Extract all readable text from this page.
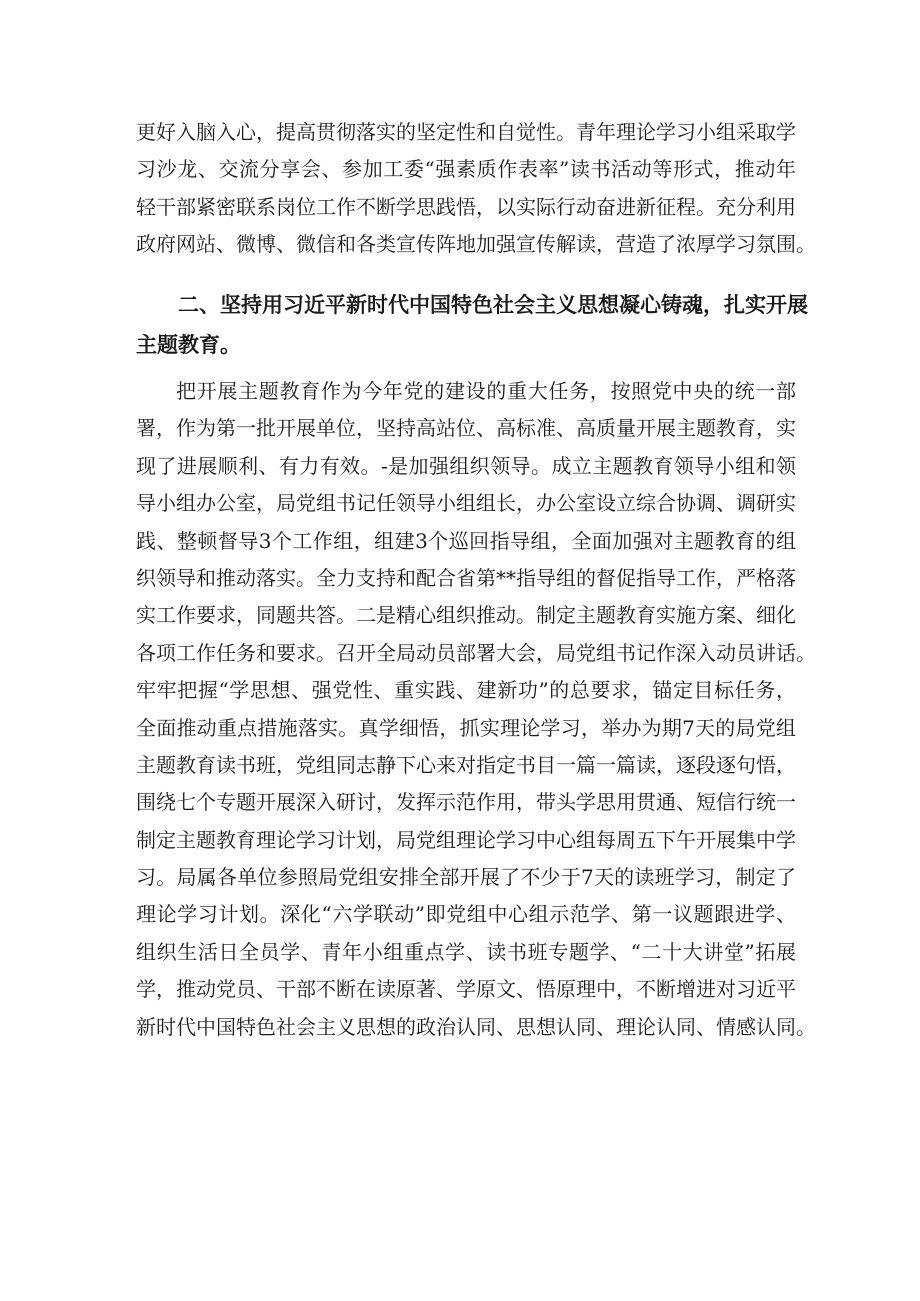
更好入脑入心，提高贯彻落实的坚定性和自觉性。青年理论学习小组采取学
习沙龙、交流分享会、参加工委“强素质作表率”读书活动等形式，推动年
轻干部紧密联系岗位工作不断学思践悟，以实际行动奋进新征程。充分利用
政府网站、微博、微信和各类宣传阵地加强宣传解读，营造了浓厚学习氛围。
二、坚持用习近平新时代中国特色社会主义思想凝心铸魂，扎实开展
主题教育。
把开展主题教育作为今年党的建设的重大任务，按照党中央的统一部
署，作为第一批开展单位，坚持高站位、高标准、高质量开展主题教育，实
现了进展顺利、有力有效。-是加强组织领导。成立主题教育领导小组和领
导小组办公室，局党组书记任领导小组组长，办公室设立综合协调、调研实
践、整顿督导3个工作组，组建3个巡回指导组，全面加强对主题教育的组
织领导和推动落实。全力支持和配合省第**指导组的督促指导工作，严格落
实工作要求，同题共答。二是精心组织推动。制定主题教育实施方案、细化
各项工作任务和要求。召开全局动员部署大会，局党组书记作深入动员讲话。
牢牢把握“学思想、强党性、重实践、建新功”的总要求，锚定目标任务，
全面推动重点措施落实。真学细悟，抓实理论学习，举办为期7天的局党组
主题教育读书班，党组同志静下心来对指定书目一篇一篇读，逐段逐句悟，
围绕七个专题开展深入研讨，发挥示范作用，带头学思用贯通、短信行统一
制定主题教育理论学习计划，局党组理论学习中心组每周五下午开展集中学
习。局属各单位参照局党组安排全部开展了不少于7天的读班学习，制定了
理论学习计划。深化“六学联动”即党组中心组示范学、第一议题跟进学、
组织生活日全员学、青年小组重点学、读书班专题学、“二十大讲堂”拓展
学，推动党员、干部不断在读原著、学原文、悟原理中，不断增进对习近平
新时代中国特色社会主义思想的政治认同、思想认同、理论认同、情感认同。
